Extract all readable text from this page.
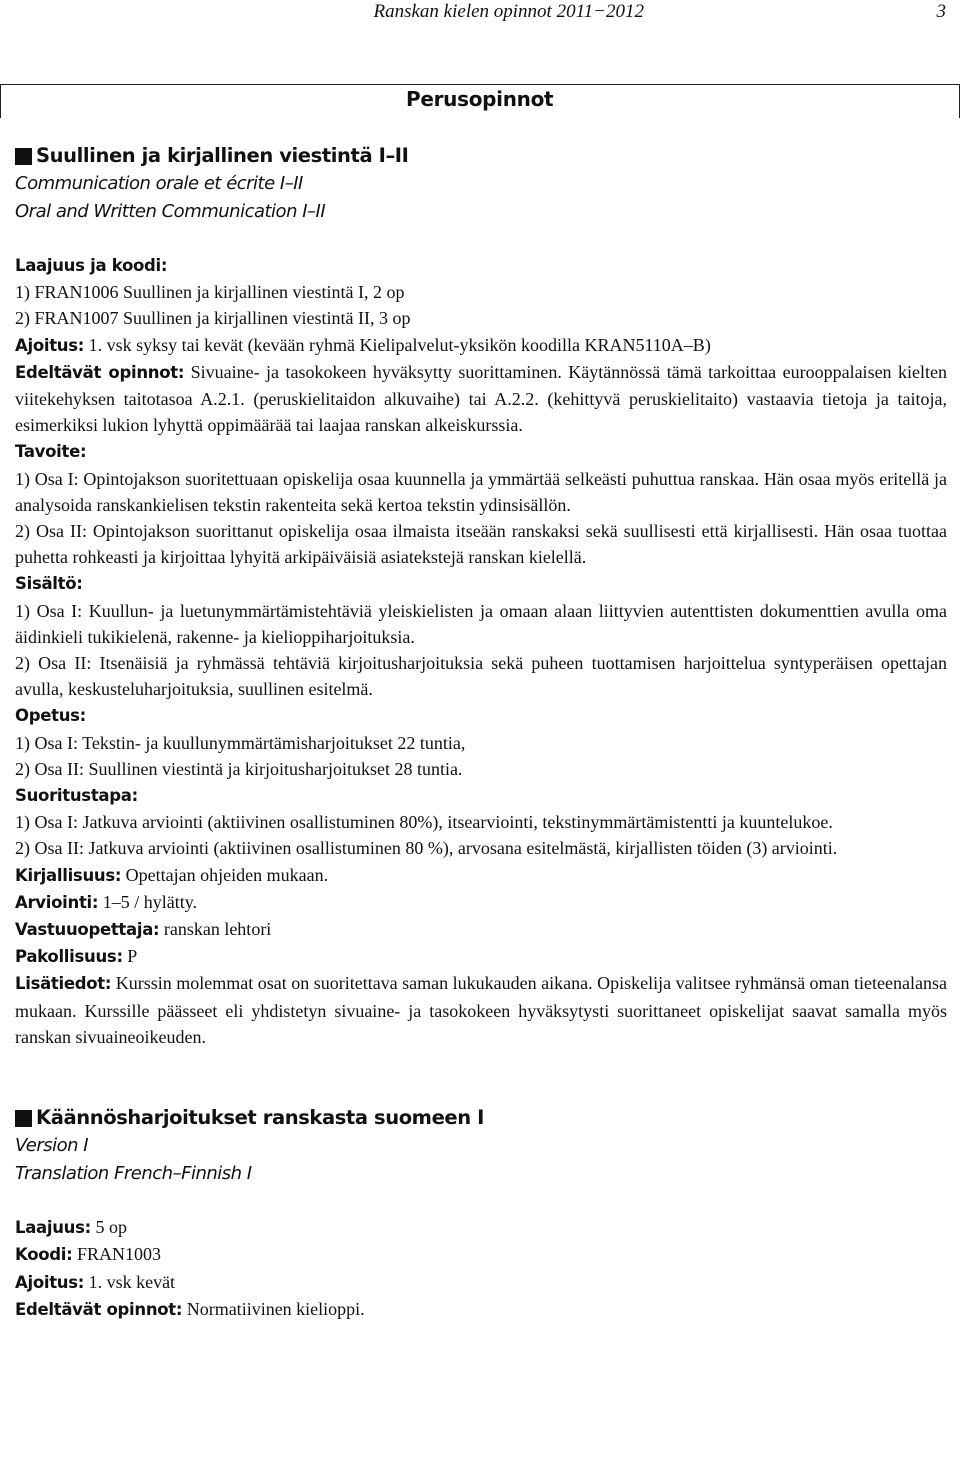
Ranskan kielen opinnot 2011−2012	3
Perusopinnot
Suullinen ja kirjallinen viestintä I–II
Communication orale et écrite I–II
Oral and Written Communication I–II
Laajuus ja koodi:
1) FRAN1006 Suullinen ja kirjallinen viestintä I, 2 op
2) FRAN1007 Suullinen ja kirjallinen viestintä II, 3 op

Ajoitus: 1. vsk syksy tai kevät (kevään ryhmä Kielipalvelut-yksikön koodilla KRAN5110A–B)

Edeltävät opinnot: Sivuaine- ja tasokokeen hyväksytty suorittaminen. Käytännössä tämä tarkoittaa eurooppalaisen kielten viitekehyksen taitotasoa A.2.1. (peruskielitaidon alkuvaihe) tai A.2.2. (kehittyvä peruskielitaito) vastaavia tietoja ja taitoja, esimerkiksi lukion lyhyttä oppimäärää tai laajaa ranskan alkeiskurssia.

Tavoite:

1) Osa I: Opintojakson suoritettuaan opiskelija osaa kuunnella ja ymmärtää selkeästi puhuttua ranskaa. Hän osaa myös eritellä ja analysoida ranskankielisen tekstin rakenteita sekä kertoa tekstin ydinsisällön.

2) Osa II: Opintojakson suorittanut opiskelija osaa ilmaista itseään ranskaksi sekä suullisesti että kirjallisesti. Hän osaa tuottaa puhetta rohkeasti ja kirjoittaa lyhyitä arkipäiväisiä asiatekstejä ranskan kielellä.

Sisältö:

1) Osa I: Kuullun- ja luetunymmärtämistehtäviä yleiskielisten ja omaan alaan liittyvien autenttisten dokumenttien avulla oma äidinkieli tukikielenä, rakenne- ja kielioppiharjoituksia.

2) Osa II: Itsenäisiä ja ryhmässä tehtäviä kirjoitusharjoituksia sekä puheen tuottamisen harjoittelua syntyperäisen opettajan avulla, keskusteluharjoituksia, suullinen esitelmä.

Opetus:
1) Osa I: Tekstin- ja kuullunymmärtämisharjoitukset 22 tuntia,
2) Osa II: Suullinen viestintä ja kirjoitusharjoitukset 28 tuntia.
Suoritustapa:

1) Osa I: Jatkuva arviointi (aktiivinen osallistuminen 80%), itsearviointi, tekstinymmärtämistentti ja kuuntelukoe.

2) Osa II: Jatkuva arviointi (aktiivinen osallistuminen 80 %), arvosana esitelmästä, kirjallisten töiden (3) arviointi.

Kirjallisuus: Opettajan ohjeiden mukaan.
Arviointi: 1–5 / hylätty.
Vastuuopettaja: ranskan lehtori
Pakollisuus: P

Lisätiedot: Kurssin molemmat osat on suoritettava saman lukukauden aikana. Opiskelija valitsee ryhmänsä oman tieteenalansa mukaan. Kurssille päässeet eli yhdistetyn sivuaine- ja tasokokeen hyväksytysti suorittaneet opiskelijat saavat samalla myös ranskan sivuaineoikeuden.

Käännösharjoitukset ranskasta suomeen I
Version I
Translation French–Finnish I
Laajuus: 5 op
Koodi: FRAN1003
Ajoitus: 1. vsk kevät
Edeltävät opinnot: Normatiivinen kielioppi.
